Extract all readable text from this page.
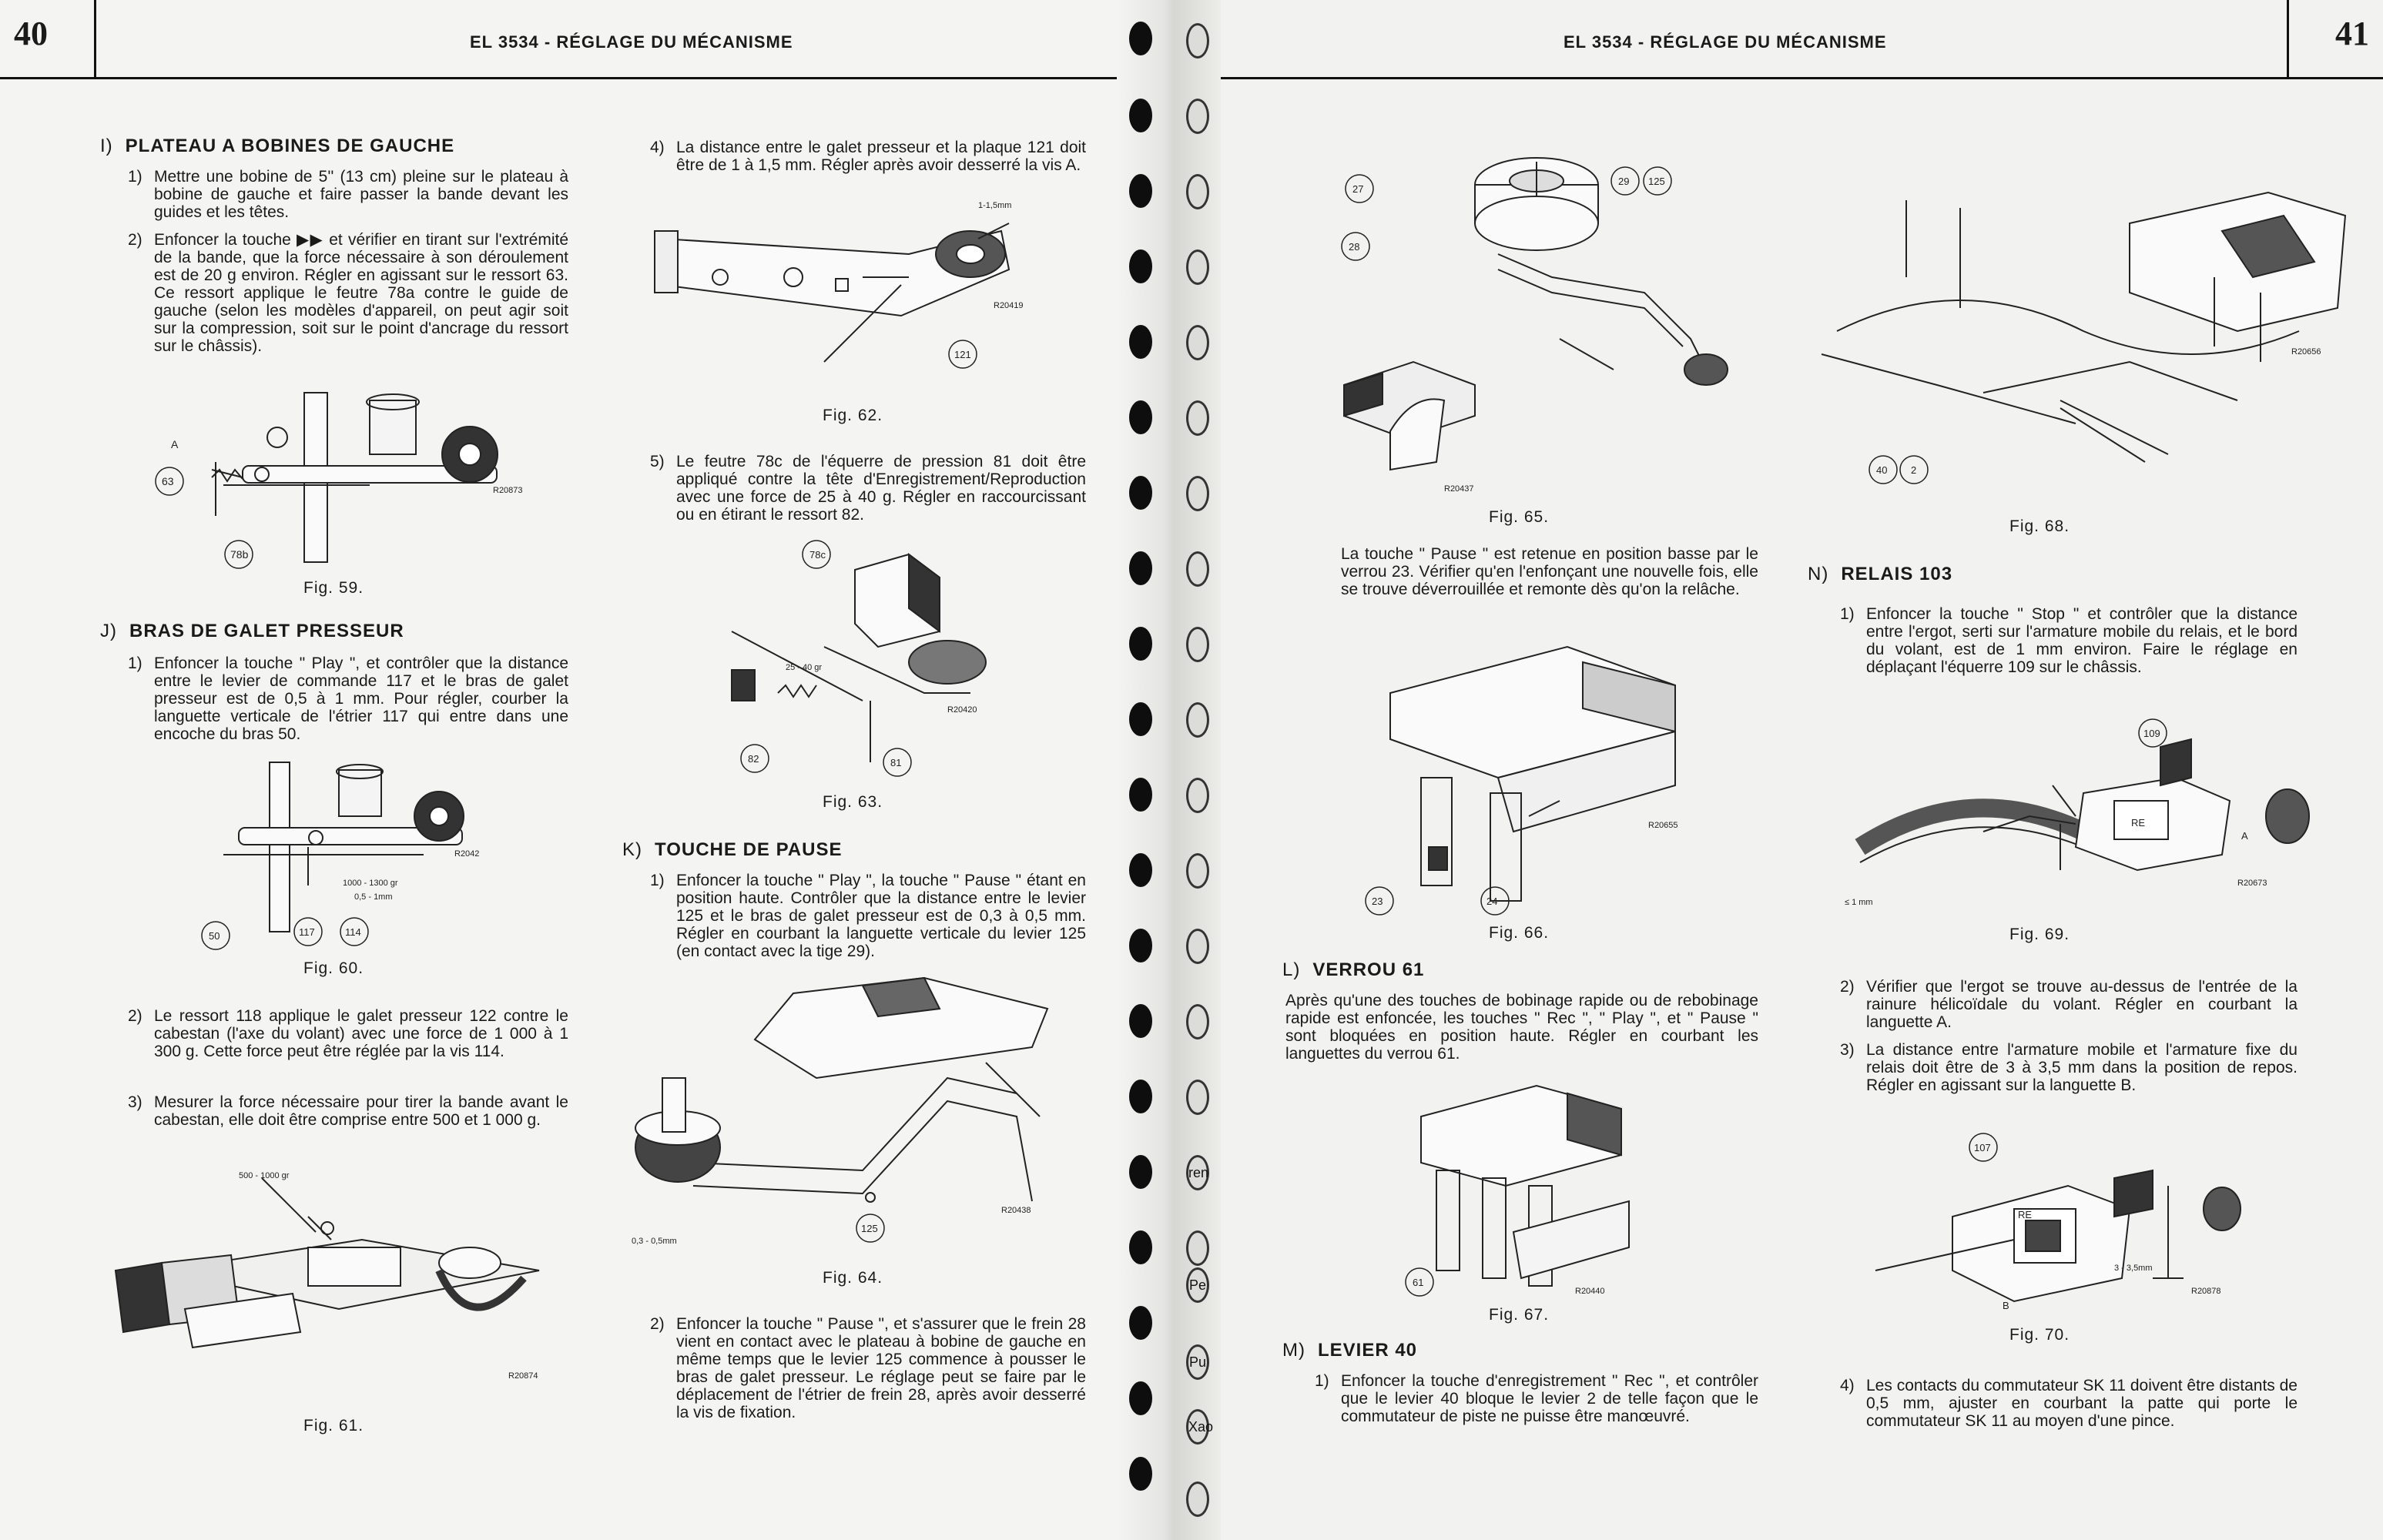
40	EL 3534 - RÉGLAGE DU MÉCANISME
I) PLATEAU A BOBINES DE GAUCHE
1) Mettre une bobine de 5'' (13 cm) pleine sur le plateau à bobine de gauche et faire passer la bande devant les guides et les têtes.
2) Enfoncer la touche ▶▶ et vérifier en tirant sur l'extrémité de la bande, que la force nécessaire à son déroulement est de 20 g environ. Régler en agissant sur le ressort 63. Ce ressort applique le feutre 78a contre le guide de gauche (selon les modèles d'appareil, on peut agir soit sur la compression, soit sur le point d'ancrage du ressort sur le châssis).
A
63
78b
R20873
Fig. 59.
J) BRAS DE GALET PRESSEUR
1) Enfoncer la touche " Play ", et contrôler que la distance entre le levier de commande 117 et le bras de galet presseur est de 0,5 à 1 mm. Pour régler, courber la languette verticale de l'étrier 117 qui entre dans une encoche du bras 50.
50	117	114
1000 - 1300 gr
0,5 - 1mm
R2042
Fig. 60.
2) Le ressort 118 applique le galet presseur 122 contre le cabestan (l'axe du volant) avec une force de 1 000 à 1 300 g. Cette force peut être réglée par la vis 114.
3) Mesurer la force nécessaire pour tirer la bande avant le cabestan, elle doit être comprise entre 500 et 1 000 g.
500 - 1000 gr
R20874
Fig. 61.
4) La distance entre le galet presseur et la plaque 121 doit être de 1 à 1,5 mm. Régler après avoir desserré la vis A.
1-1,5mm
121
R20419
Fig. 62.
5) Le feutre 78c de l'équerre de pression 81 doit être appliqué contre la tête d'Enregistrement/Reproduction avec une force de 25 à 40 g. Régler en raccourcissant ou en étirant le ressort 82.
78c
25 - 40 gr
82	81
R20420
Fig. 63.
K) TOUCHE DE PAUSE
1) Enfoncer la touche " Play ", la touche " Pause " étant en position haute. Contrôler que la distance entre le levier 125 et le bras de galet presseur est de 0,3 à 0,5 mm. Régler en courbant la languette verticale du levier 125 (en contact avec la tige 29).
125
0,3 - 0,5mm
R20438
Fig. 64.
2) Enfoncer la touche " Pause ", et s'assurer que le frein 28 vient en contact avec le plateau à bobine de gauche en même temps que le levier 125 commence à pousser le bras de galet presseur. Le réglage peut se faire par le déplacement de l'étrier de frein 28, après avoir desserré la vis de fixation.
ren
Pe
Pu
Xao
EL 3534 - RÉGLAGE DU MÉCANISME	41
27
29 125
28
R20437
Fig. 65.
La touche " Pause " est retenue en position basse par le verrou 23. Vérifier qu'en l'enfonçant une nouvelle fois, elle se trouve déverrouillée et remonte dès qu'on la relâche.
23	24
R20655
Fig. 66.
L) VERROU 61
Après qu'une des touches de bobinage rapide ou de rebobinage rapide est enfoncée, les touches " Rec ", " Play ", et " Pause " sont bloquées en position haute. Régler en courbant les languettes du verrou 61.
61
R20440
Fig. 67.
M) LEVIER 40
1) Enfoncer la touche d'enregistrement " Rec ", et contrôler que le levier 40 bloque le levier 2 de telle façon que le commutateur de piste ne puisse être manœuvré.
40 2
R20656
Fig. 68.
N) RELAIS 103
1) Enfoncer la touche " Stop " et contrôler que la distance entre l'ergot, serti sur l'armature mobile du relais, et le bord du volant, est de 1 mm environ. Faire le réglage en déplaçant l'équerre 109 sur le châssis.
109
RE
A
≤ 1 mm
R20673
Fig. 69.
2) Vérifier que l'ergot se trouve au-dessus de l'entrée de la rainure hélicoïdale du volant. Régler en courbant la languette A.
3) La distance entre l'armature mobile et l'armature fixe du relais doit être de 3 à 3,5 mm dans la position de repos. Régler en agissant sur la languette B.
107
RE
B
3 - 3,5mm
R20878
Fig. 70.
4) Les contacts du commutateur SK 11 doivent être distants de 0,5 mm, ajuster en courbant la patte qui porte le commutateur SK 11 au moyen d'une pince.
